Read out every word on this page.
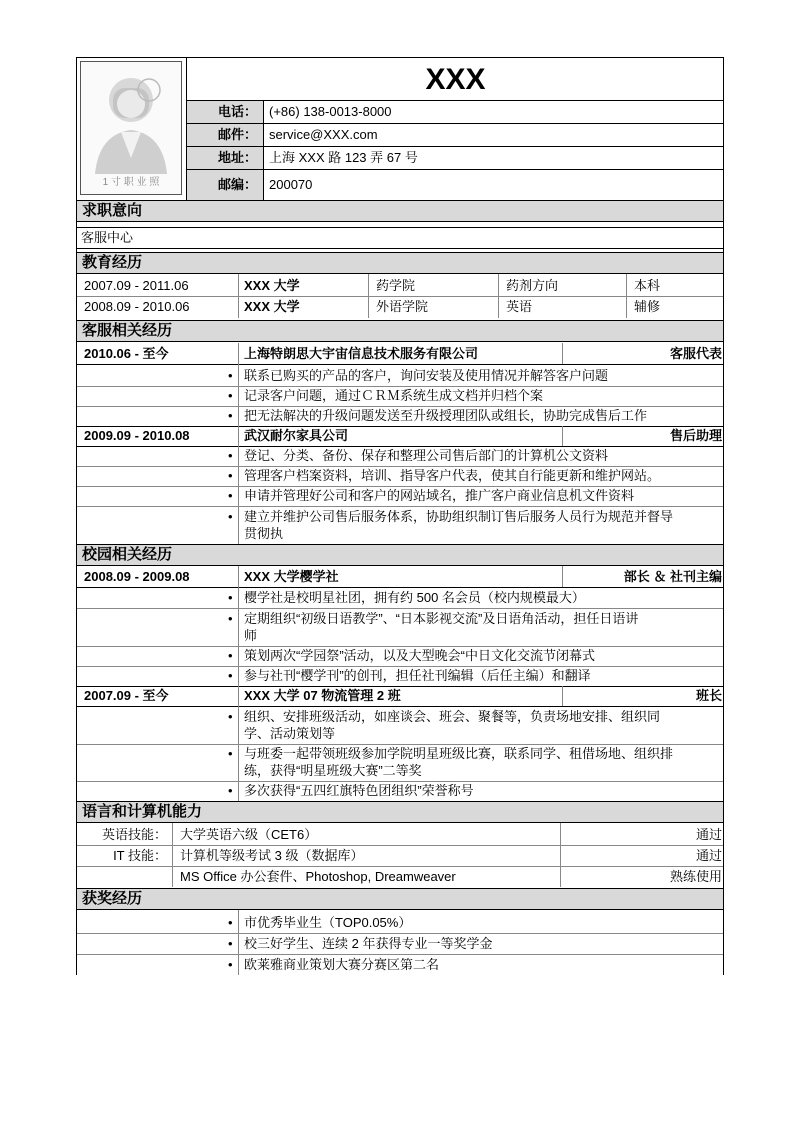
1 寸 职 业 照
XXX
电话： (+86) 138-0013-8000
邮件： service@XXX.com
地址： 上海 XXX 路 123 弄 67 号
邮编： 200070
求职意向
客服中心
教育经历
2007.09 - 2011.06	XXX 大学	药学院	药剂方向	本科
2008.09 - 2010.06	XXX 大学	外语学院	英语	辅修
客服相关经历
2010.06 - 至今	上海特朗思大宇宙信息技术服务有限公司	客服代表
• 联系已购买的产品的客户，询问安装及使用情况并解答客户问题
• 记录客户问题，通过ＣＲＭ系统生成文档并归档个案
• 把无法解决的升级问题发送至升级授理团队或组长，协助完成售后工作
2009.09 - 2010.08	武汉耐尔家具公司	售后助理
• 登记、分类、备份、保存和整理公司售后部门的计算机公文资料
• 管理客户档案资料，培训、指导客户代表，使其自行能更新和维护网站。
• 申请并管理好公司和客户的网站域名，推广客户商业信息机文件资料
• 建立并维护公司售后服务体系，协助组织制订售后服务人员行为规范并督导
贯彻执
校园相关经历
2008.09 - 2009.08	XXX 大学樱学社	部长 ＆ 社刊主编
• 樱学社是校明星社团，拥有约 500 名会员（校内规模最大）
• 定期组织“初级日语教学”、“日本影视交流”及日语角活动，担任日语讲
师
• 策划两次“学园祭”活动，以及大型晚会“中日文化交流节闭幕式
• 参与社刊“樱学刊”的创刊，担任社刊编辑（后任主编）和翻译
2007.09 - 至今	XXX 大学 07 物流管理 2 班	班长
• 组织、安排班级活动，如座谈会、班会、聚餐等，负责场地安排、组织同
学、活动策划等
• 与班委一起带领班级参加学院明星班级比赛，联系同学、租借场地、组织排
练，获得“明星班级大赛”二等奖
• 多次获得“五四红旗特色团组织”荣誉称号
语言和计算机能力
英语技能： 大学英语六级（CET6）	通过
IT 技能： 计算机等级考试 3 级（数据库）	通过
MS Office 办公套件、Photoshop, Dreamweaver	熟练使用
获奖经历
• 市优秀毕业生（TOP0.05%）
• 校三好学生、连续 2 年获得专业一等奖学金
• 欧莱雅商业策划大赛分赛区第二名
